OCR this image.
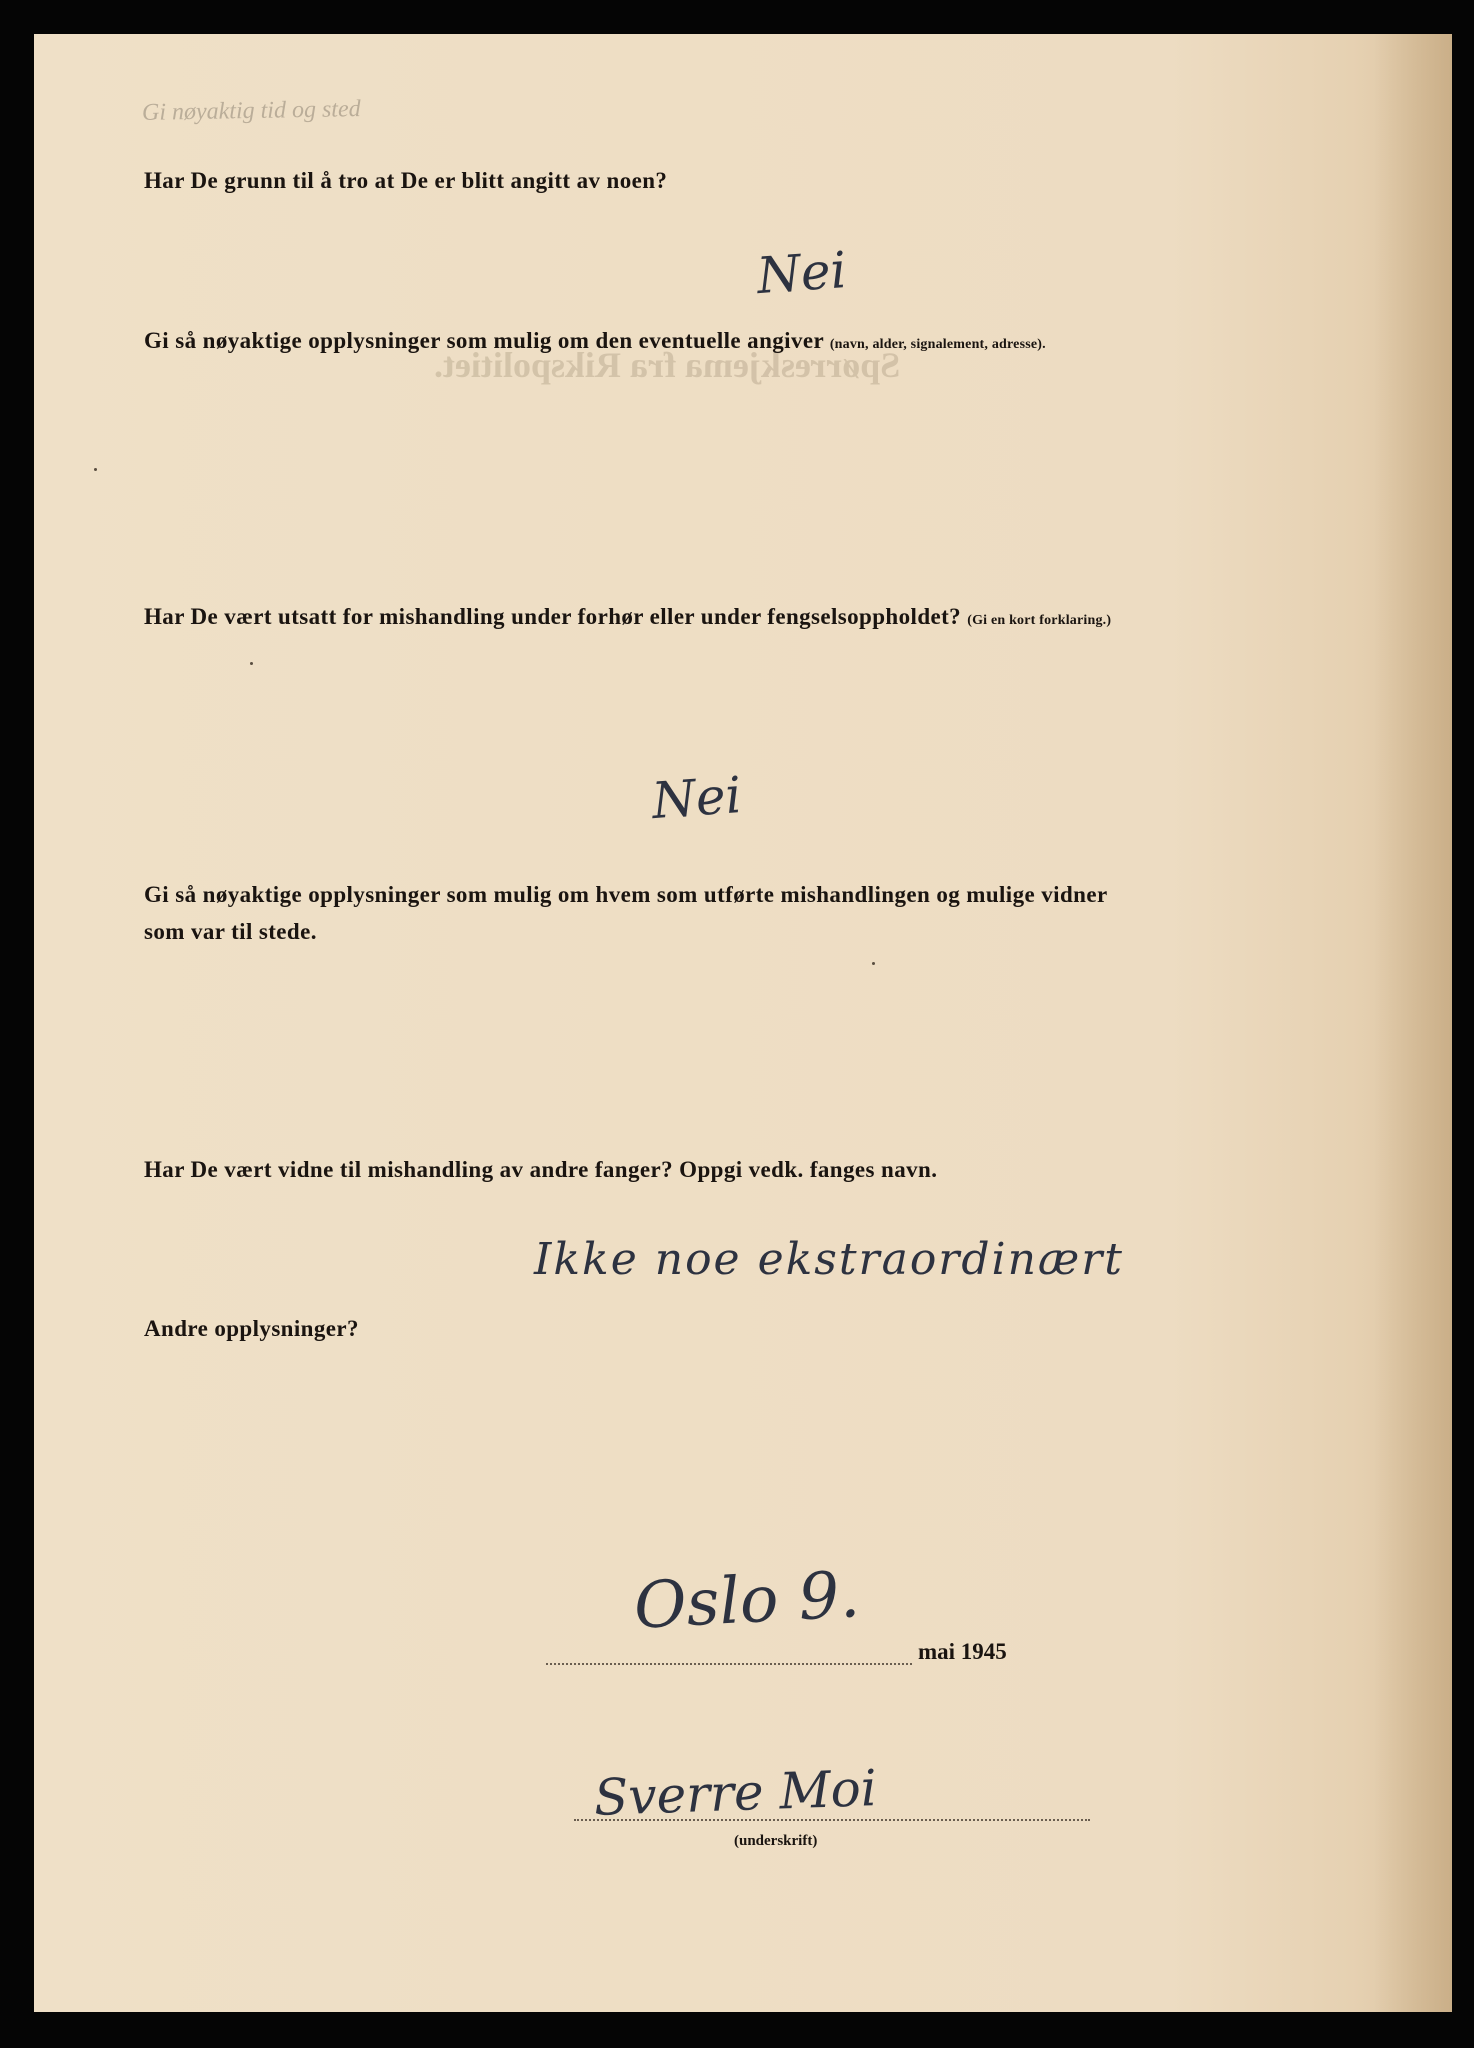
Gi nøyaktig tid og sted
Spørreskjema fra Rikspolitiet.
Har De grunn til å tro at De er blitt angitt av noen?
Nei
Gi så nøyaktige opplysninger som mulig om den eventuelle angiver (navn, alder, signalement, adresse).
Har De vært utsatt for mishandling under forhør eller under fengselsoppholdet? (Gi en kort forklaring.)
Nei
Gi så nøyaktige opplysninger som mulig om hvem som utførte mishandlingen og mulige vidner
som var til stede.
Har De vært vidne til mishandling av andre fanger? Oppgi vedk. fanges navn.
Ikke noe ekstraordinært
Andre opplysninger?
Oslo 9.
mai 1945
Sverre Moi
(underskrift)
